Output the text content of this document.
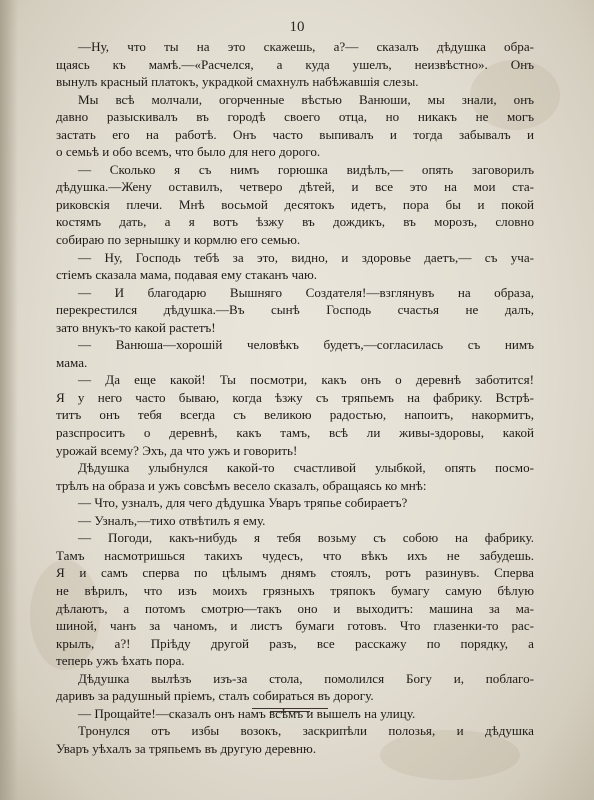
10

—Ну, что ты на это скажешь, а?— сказалъ дѣдушка обра-

щаясь къ мамѣ.—«Расчелся, а куда ушелъ, неизвѣстно». Онъ

вынулъ красный платокъ, украдкой смахнулъ набѣжавшія слезы.

Мы всѣ молчали, огорченные вѣстью Ванюши, мы знали, онъ

давно разыскивалъ въ городѣ своего отца, но никакъ не могъ

застать его на работѣ. Онъ часто выпивалъ и тогда забывалъ и

о семьѣ и обо всемъ, что было для него дорого.

— Сколько я съ нимъ горюшка видѣлъ,— опять заговорилъ

дѣдушка.—Жену оставилъ, четверо дѣтей, и все это на мои ста-

риковскія плечи. Мнѣ восьмой десятокъ идетъ, пора бы и покой

костямъ дать, а я вотъ ѣзжу въ дождикъ, въ морозъ, словно

собираю по зернышку и кормлю его семью.

— Ну, Господь тебѣ за это, видно, и здоровье даетъ,— съ уча-

стіемъ сказала мама, подавая ему стаканъ чаю.

— И благодарю Вышняго Создателя!—взглянувъ на образа,

перекрестился дѣдушка.—Въ сынѣ Господь счастья не далъ,

зато внукъ-то какой растетъ!

— Ванюша—хорошій человѣкъ будетъ,—согласилась съ нимъ

мама.

— Да еще какой! Ты посмотри, какъ онъ о деревнѣ заботится!

Я у него часто бываю, когда ѣзжу съ тряпьемъ на фабрику. Встрѣ-

титъ онъ тебя всегда съ великою радостью, напоитъ, накормитъ,

разспроситъ о деревнѣ, какъ тамъ, всѣ ли живы-здоровы, какой

урожай всему? Эхъ, да что ужъ и говорить!

Дѣдушка улыбнулся какой-то счастливой улыбкой, опять посмо-

трѣлъ на образа и ужъ совсѣмъ весело сказалъ, обращаясь ко мнѣ:

— Что, узналъ, для чего дѣдушка Уваръ тряпье собираетъ?

— Узналъ,—тихо отвѣтилъ я ему.

— Погоди, какъ-нибудь я тебя возьму съ собою на фабрику.

Тамъ насмотришься такихъ чудесъ, что вѣкъ ихъ не забудешь.

Я и самъ сперва по цѣлымъ днямъ стоялъ, ротъ разинувъ. Сперва

не вѣрилъ, что изъ моихъ грязныхъ тряпокъ бумагу самую бѣлую

дѣлаютъ, а потомъ смотрю—такъ оно и выходитъ: машина за ма-

шиной, чанъ за чаномъ, и листъ бумаги готовъ. Что глазенки-то рас-

крылъ, а?! Пріѣду другой разъ, все расскажу по порядку, а

теперь ужъ ѣхать пора.

Дѣдушка вылѣзъ изъ-за стола, помолился Богу и, поблаго-

даривъ за радушный пріемъ, сталъ собираться въ дорогу.

— Прощайте!—сказалъ онъ намъ всѣмъ и вышелъ на улицу.

Тронулся отъ избы возокъ, заскрипѣли полозья, и дѣдушка

Уваръ уѣхалъ за тряпьемъ въ другую деревню.
